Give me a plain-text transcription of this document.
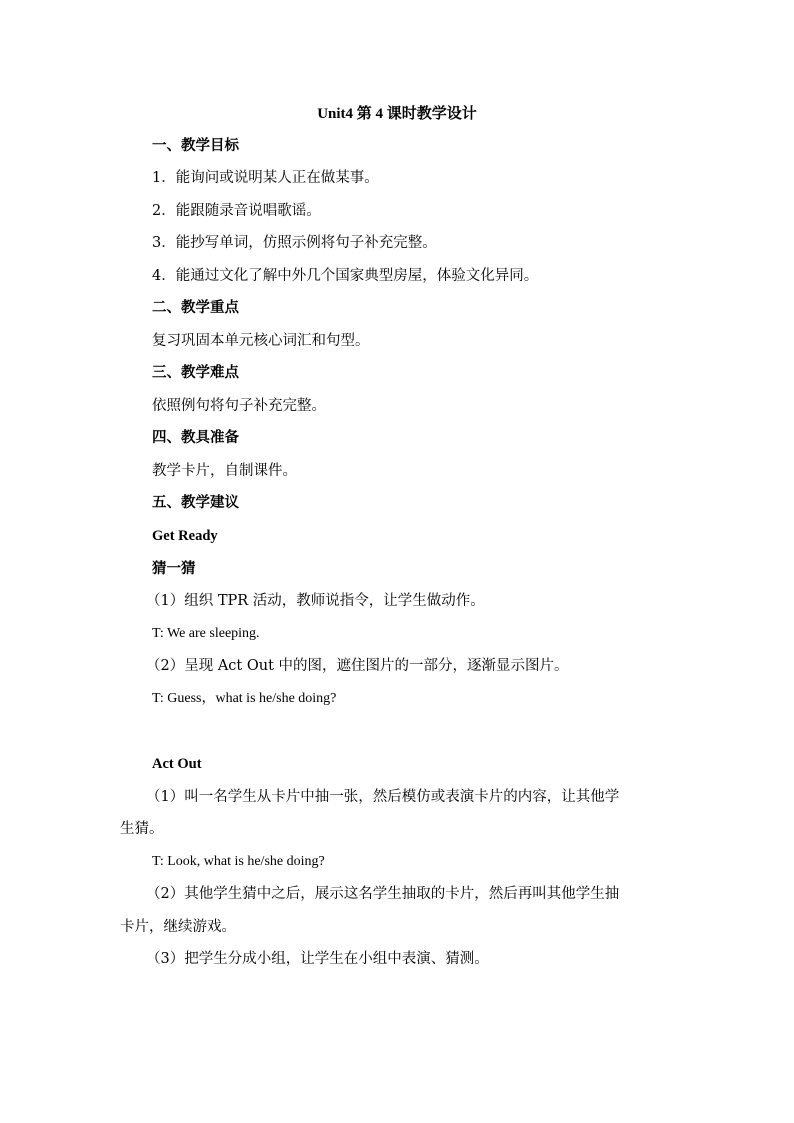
Unit4 第 4 课时教学设计
一、教学目标
1．能询问或说明某人正在做某事。
2．能跟随录音说唱歌谣。
3．能抄写单词，仿照示例将句子补充完整。
4．能通过文化了解中外几个国家典型房屋，体验文化异同。
二、教学重点
复习巩固本单元核心词汇和句型。
三、教学难点
依照例句将句子补充完整。
四、教具准备
教学卡片，自制课件。
五、教学建议
Get Ready
猜一猜
（1）组织 TPR 活动，教师说指令，让学生做动作。
T: We are sleeping.
（2）呈现 Act Out 中的图，遮住图片的一部分，逐渐显示图片。
T: Guess，what is he/she doing?
Act Out
（1）叫一名学生从卡片中抽一张，然后模仿或表演卡片的内容，让其他学
生猜。
T: Look, what is he/she doing?
（2）其他学生猜中之后，展示这名学生抽取的卡片，然后再叫其他学生抽
卡片，继续游戏。
（3）把学生分成小组，让学生在小组中表演、猜测。
